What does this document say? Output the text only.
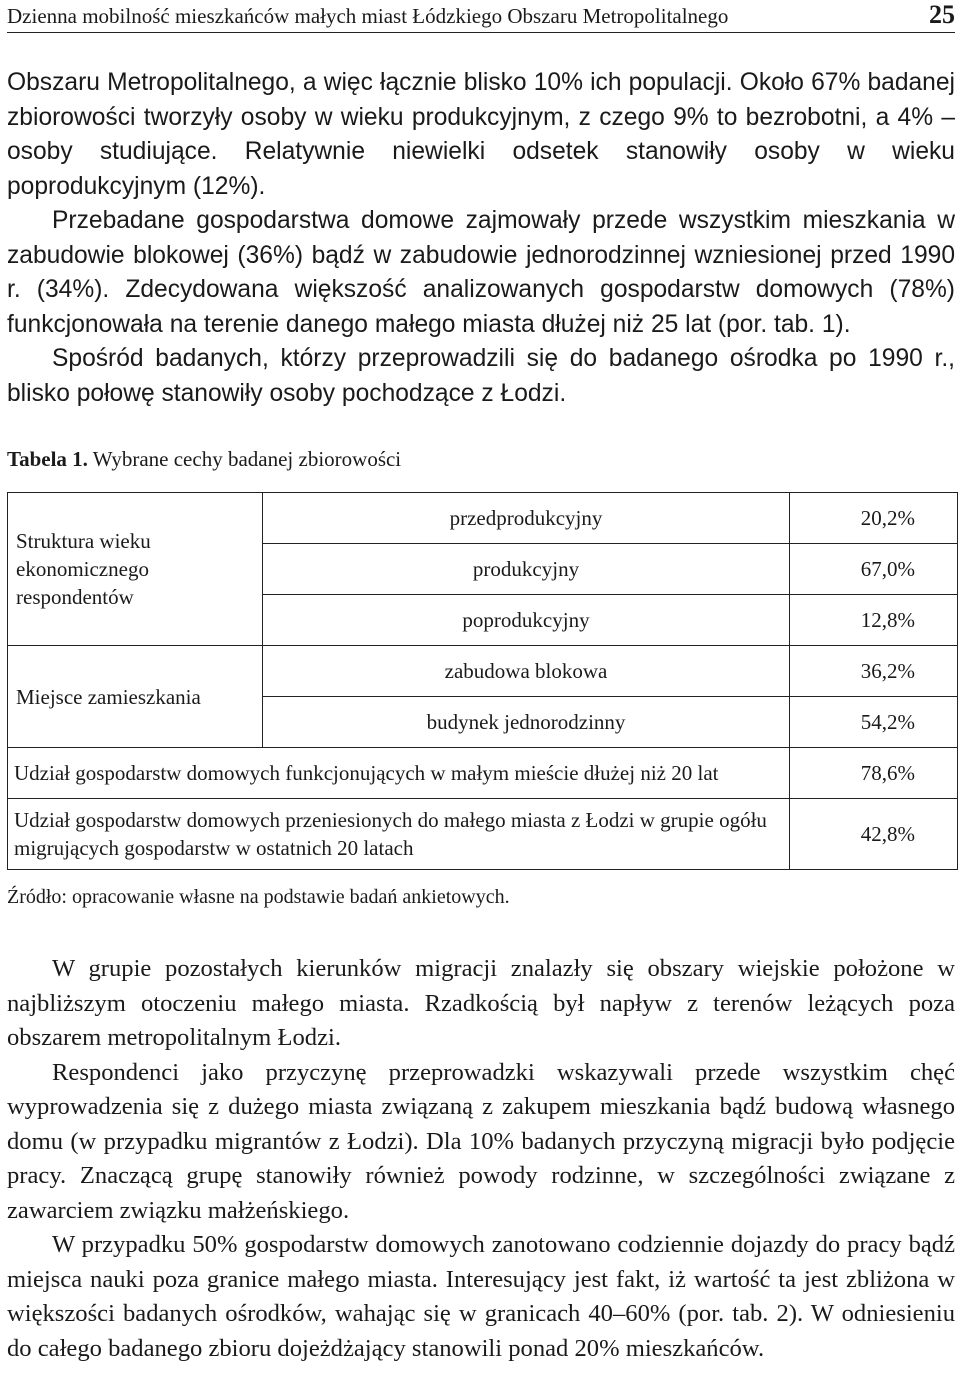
Dzienna mobilność mieszkańców małych miast Łódzkiego Obszaru Metropolitalnego	25

Obszaru Metropolitalnego, a więc łącznie blisko 10% ich populacji. Około 67% badanej zbiorowości tworzyły osoby w wieku produkcyjnym, z czego 9% to bezrobotni, a 4% – osoby studiujące. Relatywnie niewielki odsetek stanowiły osoby w wieku poprodukcyjnym (12%).

Przebadane gospodarstwa domowe zajmowały przede wszystkim mieszkania w zabudowie blokowej (36%) bądź w zabudowie jednorodzinnej wzniesionej przed 1990 r. (34%). Zdecydowana większość analizowanych gospodarstw domowych (78%) funkcjonowała na terenie danego małego miasta dłużej niż 25 lat (por. tab. 1).

Spośród badanych, którzy przeprowadzili się do badanego ośrodka po 1990 r., blisko połowę stanowiły osoby pochodzące z Łodzi.

Tabela 1. Wybrane cechy badanej zbiorowości
Struktura wieku ekonomicznego respondentów	przedprodukcyjny	20,2%
	produkcyjny	67,0%
	poprodukcyjny	12,8%
Miejsce zamieszkania	zabudowa blokowa	36,2%
	budynek jednorodzinny	54,2%
Udział gospodarstw domowych funkcjonujących w małym mieście dłużej niż 20 lat		78,6%
Udział gospodarstw domowych przeniesionych do małego miasta z Łodzi w grupie ogółu migrujących gospodarstw w ostatnich 20 latach		42,8%
Źródło: opracowanie własne na podstawie badań ankietowych.

W grupie pozostałych kierunków migracji znalazły się obszary wiejskie położone w najbliższym otoczeniu małego miasta. Rzadkością był napływ z terenów leżących poza obszarem metropolitalnym Łodzi.

Respondenci jako przyczynę przeprowadzki wskazywali przede wszystkim chęć wyprowadzenia się z dużego miasta związaną z zakupem mieszkania bądź budową własnego domu (w przypadku migrantów z Łodzi). Dla 10% badanych przyczyną migracji było podjęcie pracy. Znaczącą grupę stanowiły również powody rodzinne, w szczególności związane z zawarciem związku małżeńskiego.

W przypadku 50% gospodarstw domowych zanotowano codziennie dojazdy do pracy bądź miejsca nauki poza granice małego miasta. Interesujący jest fakt, iż wartość ta jest zbliżona w większości badanych ośrodków, wahając się w granicach 40–60% (por. tab. 2). W odniesieniu do całego badanego zbioru dojeżdżający stanowili ponad 20% mieszkańców.
